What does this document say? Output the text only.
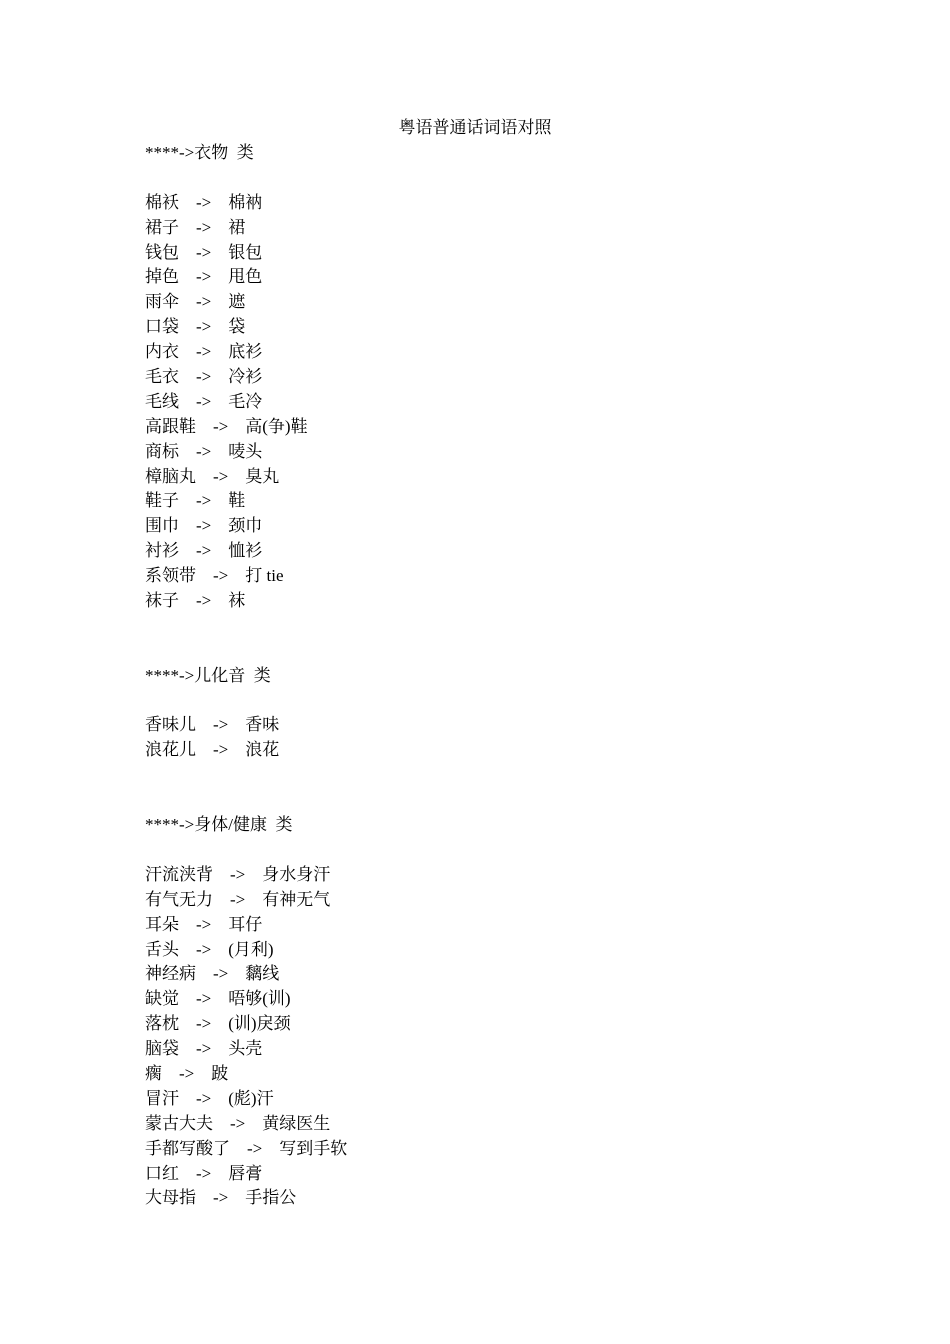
粤语普通话词语对照
****->衣物  类
棉袄    ->    棉衲
裙子    ->    裙
钱包    ->    银包
掉色    ->    甩色
雨伞    ->    遮
口袋    ->    袋
内衣    ->    底衫
毛衣    ->    冷衫
毛线    ->    毛冷
高跟鞋    ->    高(争)鞋
商标    ->    唛头
樟脑丸    ->    臭丸
鞋子    ->    鞋
围巾    ->    颈巾
衬衫    ->    恤衫
系领带    ->    打 tie
袜子    ->    袜
****->儿化音  类
香味儿    ->    香味
浪花儿    ->    浪花
****->身体/健康  类
汗流浃背    ->    身水身汗
有气无力    ->    有神无气
耳朵    ->    耳仔
舌头    ->    (月利)
神经病    ->    黐线
缺觉    ->    唔够(训)
落枕    ->    (训)戾颈
脑袋    ->    头壳
瘸    ->    跛
冒汗    ->    (彪)汗
蒙古大夫    ->    黄绿医生
手都写酸了    ->    写到手软
口红    ->    唇膏
大母指    ->    手指公
